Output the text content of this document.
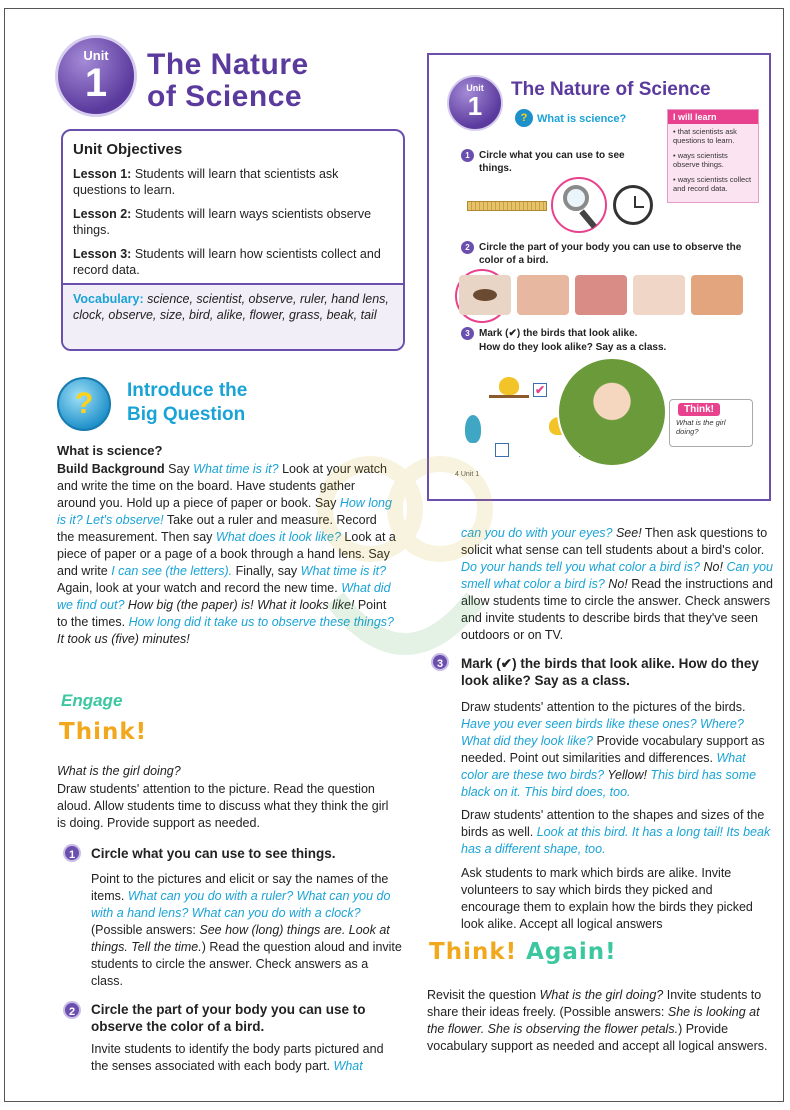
Unit
1	The Nature
of Science
Unit Objectives
Lesson 1: Students will learn that scientists ask questions to learn.
Lesson 2: Students will learn ways scientists observe things.
Lesson 3: Students will learn how scientists collect and record data.
Vocabulary: science, scientist, observe, ruler, hand lens, clock, observe, size, bird, alike, flower, grass, beak, tail
?	Introduce the
Big Question
What is science?
Build Background Say What time is it? Look at your watch and write the time on the board. Have students gather around you. Hold up a piece of paper or book. Say How long is it? Let's observe! Take out a ruler and measure. Record the measurement. Then say What does it look like? Look at a piece of paper or a page of a book through a hand lens. Say and write I can see (the letters). Finally, say What time is it? Again, look at your watch and record the new time. What did we find out? How big (the paper) is! What it looks like! Point to the times. How long did it take us to observe these things? It took us (five) minutes!
Engage
Think!
What is the girl doing?
Draw students' attention to the picture. Read the question aloud. Allow students time to discuss what they think the girl is doing. Provide support as needed.
1	Circle what you can use to see things.
Point to the pictures and elicit or say the names of the items. What can you do with a ruler? What can you do with a hand lens? What can you do with a clock? (Possible answers: See how (long) things are. Look at things. Tell the time.) Read the question aloud and invite students to circle the answer. Check answers as a class.
2	Circle the part of your body you can use to observe the color of a bird.
Invite students to identify the body parts pictured and the senses associated with each body part. What
can you do with your eyes? See! Then ask questions to solicit what sense can tell students about a bird's color. Do your hands tell you what color a bird is? No! Can you smell what color a bird is? No! Read the instructions and allow students time to circle the answer. Check answers and invite students to describe birds that they've seen outdoors or on TV.
3	Mark (✔) the birds that look alike. How do they look alike? Say as a class.
Draw students' attention to the pictures of the birds. Have you ever seen birds like these ones? Where? What did they look like? Provide vocabulary support as needed. Point out similarities and differences. What color are these two birds? Yellow! This bird has some black on it. This bird does, too.
Draw students' attention to the shapes and sizes of the birds as well. Look at this bird. It has a long tail! Its beak has a different shape, too.
Ask students to mark which birds are alike. Invite volunteers to say which birds they picked and encourage them to explain how the birds they picked look alike. Accept all logical answers
Think! Again!
Revisit the question What is the girl doing? Invite students to share their ideas freely. (Possible answers: She is looking at the flower. She is observing the flower petals.) Provide vocabulary support as needed and accept all logical answers.
Unit
1
The Nature of Science
? What is science?	I will learn
• that scientists ask questions to learn.
• ways scientists observe things.
• ways scientists collect and record data.
1 Circle what you can use to see things.
2 Circle the part of your body you can use to observe the color of a bird.
3 Mark (✔) the birds that look alike.
How do they look alike? Say as a class.
✔
Think!
What is the girl doing?
4 Unit 1
